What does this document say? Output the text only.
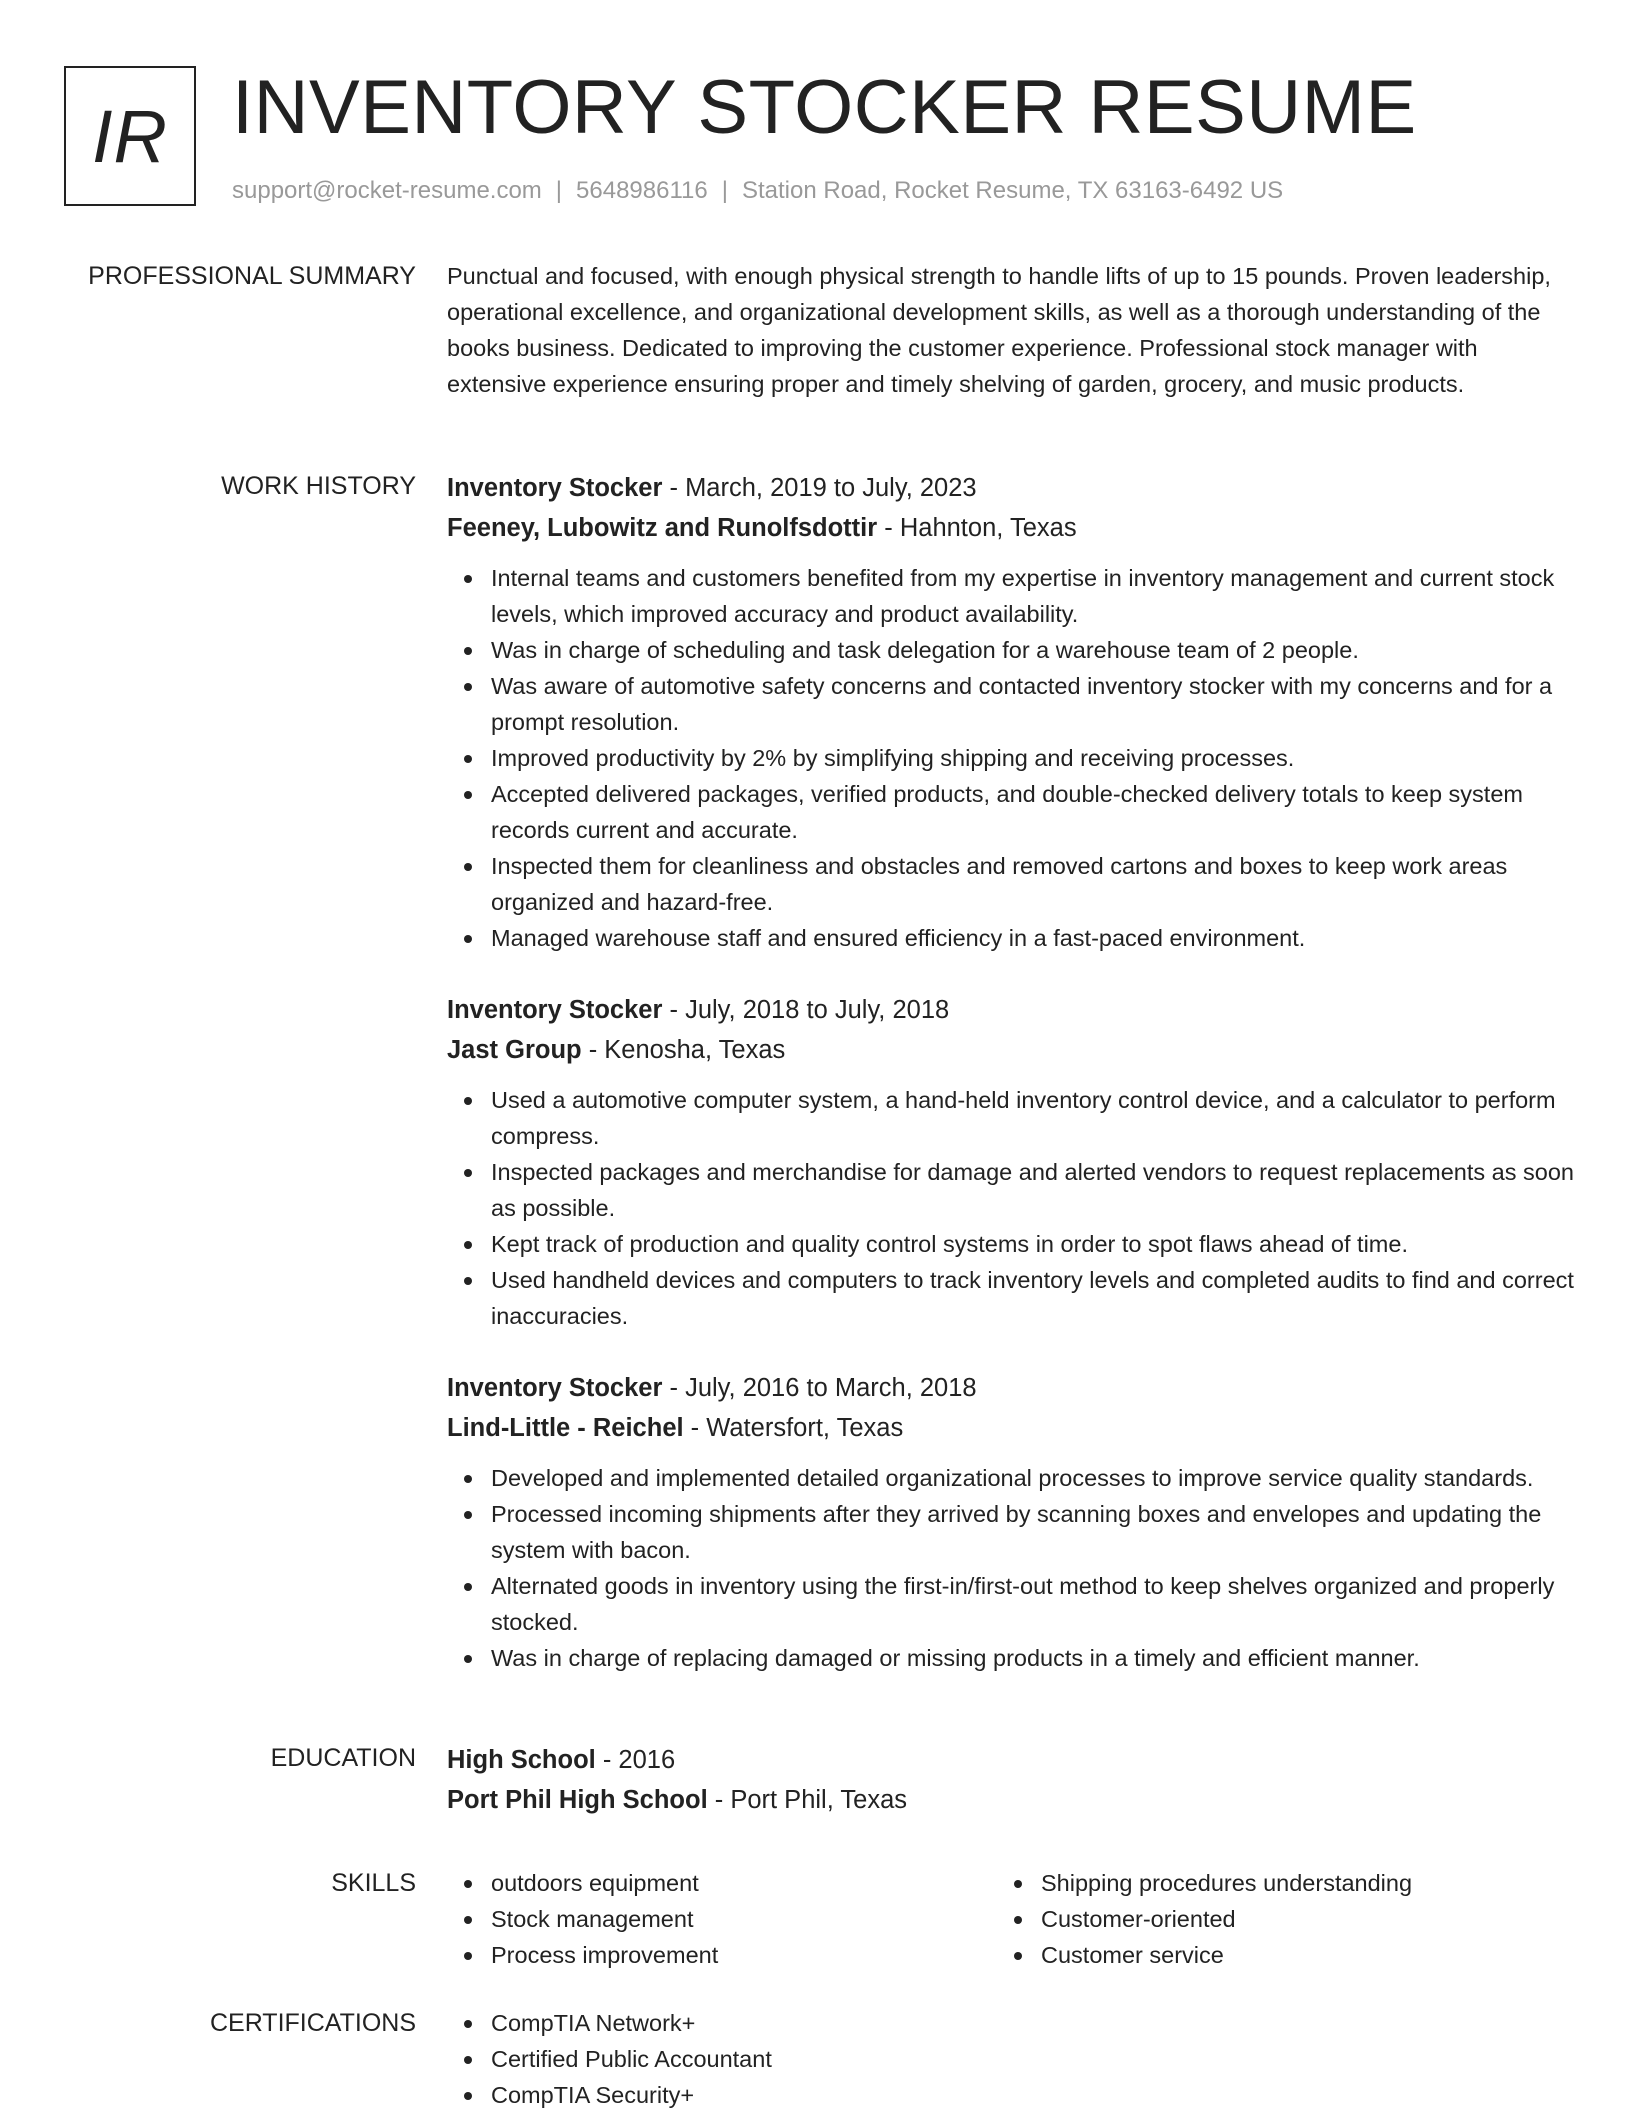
IR INVENTORY STOCKER RESUME
support@rocket-resume.com | 5648986116 | Station Road, Rocket Resume, TX 63163-6492 US
PROFESSIONAL SUMMARY Punctual and focused, with enough physical strength to handle lifts of up to 15 pounds. Proven leadership, operational excellence, and organizational development skills, as well as a thorough understanding of the books business. Dedicated to improving the customer experience. Professional stock manager with extensive experience ensuring proper and timely shelving of garden, grocery, and music products.

WORK HISTORY Inventory Stocker - March, 2019 to July, 2023
Feeney, Lubowitz and Runolfsdottir - Hahnton, Texas
Internal teams and customers benefited from my expertise in inventory management and current stock levels, which improved accuracy and product availability.
Was in charge of scheduling and task delegation for a warehouse team of 2 people.
Was aware of automotive safety concerns and contacted inventory stocker with my concerns and for a prompt resolution.
Improved productivity by 2% by simplifying shipping and receiving processes.
Accepted delivered packages, verified products, and double-checked delivery totals to keep system records current and accurate.
Inspected them for cleanliness and obstacles and removed cartons and boxes to keep work areas organized and hazard-free.
Managed warehouse staff and ensured efficiency in a fast-paced environment.
Inventory Stocker - July, 2018 to July, 2018
Jast Group - Kenosha, Texas
Used a automotive computer system, a hand-held inventory control device, and a calculator to perform compress.
Inspected packages and merchandise for damage and alerted vendors to request replacements as soon as possible.
Kept track of production and quality control systems in order to spot flaws ahead of time.
Used handheld devices and computers to track inventory levels and completed audits to find and correct inaccuracies.
Inventory Stocker - July, 2016 to March, 2018
Lind-Little - Reichel - Watersfort, Texas
Developed and implemented detailed organizational processes to improve service quality standards.
Processed incoming shipments after they arrived by scanning boxes and envelopes and updating the system with bacon.
Alternated goods in inventory using the first-in/first-out method to keep shelves organized and properly stocked.
Was in charge of replacing damaged or missing products in a timely and efficient manner.
EDUCATION High School - 2016
Port Phil High School - Port Phil, Texas
SKILLS	outdoors equipment
Stock management
Process improvement
Shipping procedures understanding
Customer-oriented
Customer service
CERTIFICATIONS	CompTIA Network+
Certified Public Accountant
CompTIA Security+
